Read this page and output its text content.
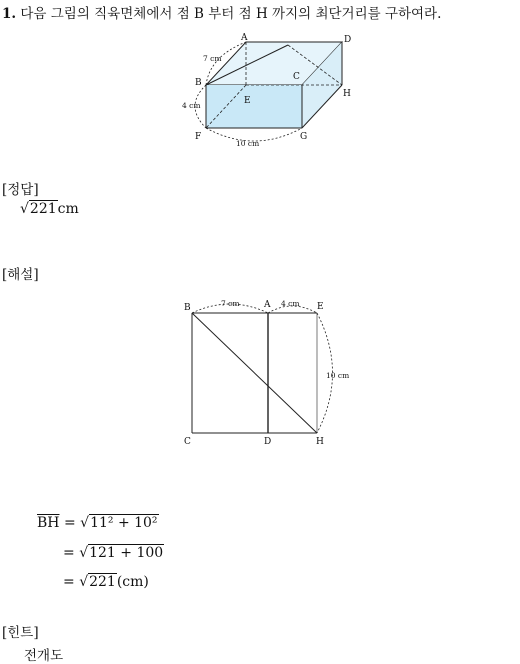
1. 다음 그림의 직육면체에서 점 B 부터 점 H 까지의 최단거리를 구하여라.
A	D
B
C
E
H
F	G
7 cm
4 cm
10 cm
[정답]
√221cm
[해설]
B	A	E
C	D	H
7 cm	4 cm
10 cm
$\overline{BH} = √11^2 + 10^2$
= √121 + 100
= √221(cm)
[힌트]
전개도
